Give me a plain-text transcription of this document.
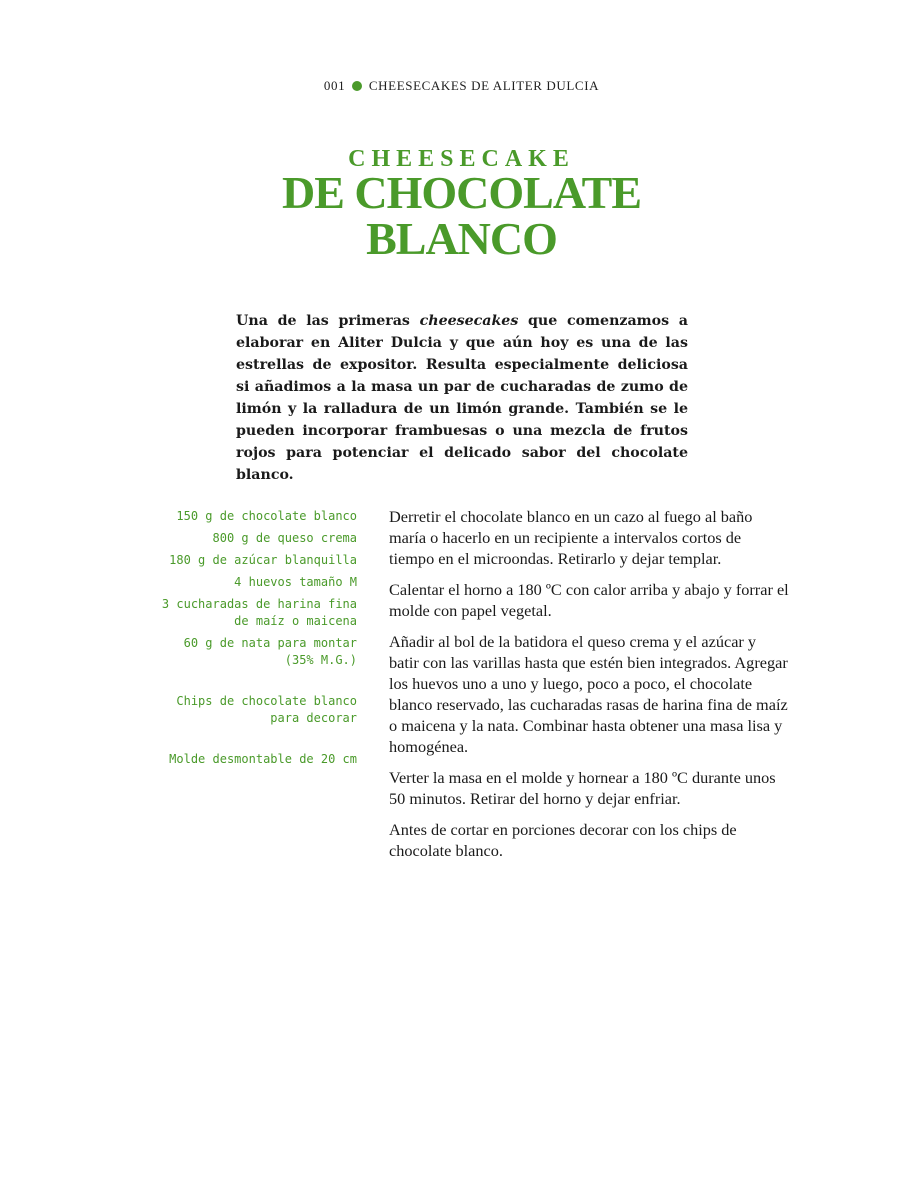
001 CHEESECAKES DE ALITER DULCIA
CHEESECAKE
DE CHOCOLATE
BLANCO
Una de las primeras cheesecakes que comenzamos a elaborar en Aliter Dulcia y que aún hoy es una de las estrellas de expositor. Resulta especialmente deliciosa si añadimos a la masa un par de cucharadas de zumo de limón y la ralladura de un limón grande. También se le pueden incorporar frambuesas o una mezcla de frutos rojos para potenciar el delicado sabor del chocolate blanco.
150 g de chocolate blanco
800 g de queso crema
180 g de azúcar blanquilla
4 huevos tamaño M
3 cucharadas de harina fina de maíz o maicena
60 g de nata para montar (35% M.G.)
Chips de chocolate blanco para decorar
Molde desmontable de 20 cm

Derretir el chocolate blanco en un cazo al fuego al baño maría o hacerlo en un recipiente a intervalos cortos de tiempo en el microondas. Retirarlo y dejar templar.

Calentar el horno a 180 ºC con calor arriba y abajo y forrar el molde con papel vegetal.

Añadir al bol de la batidora el queso crema y el azúcar y batir con las varillas hasta que estén bien integrados. Agregar los huevos uno a uno y luego, poco a poco, el chocolate blanco reservado, las cucharadas rasas de harina fina de maíz o maicena y la nata. Combinar hasta obtener una masa lisa y homogénea.

Verter la masa en el molde y hornear a 180 ºC durante unos 50 minutos. Retirar del horno y dejar enfriar.

Antes de cortar en porciones decorar con los chips de chocolate blanco.
